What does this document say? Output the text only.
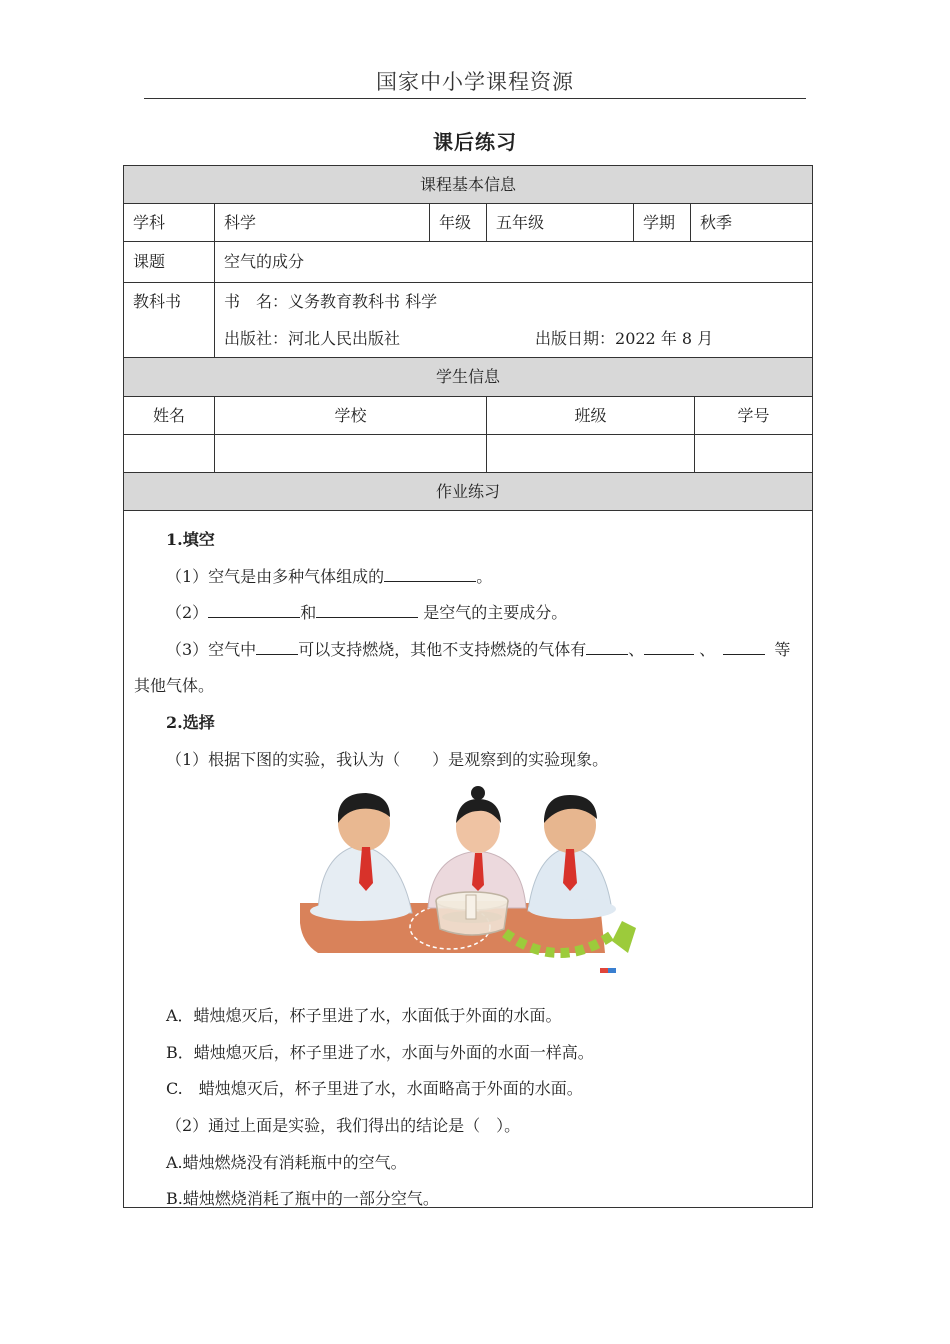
国家中小学课程资源
课后练习
课程基本信息
学科	科学	年级	五年级	学期	秋季
课题	空气的成分
教科书	书　名：义务教育教科书 科学
出版社：河北人民出版社	出版日期：2022 年 8 月
学生信息
姓名	学校	班级	学号
作业练习
1.填空
（1）空气是由多种气体组成的	。
（2）	和	是空气的主要成分。
（3）空气中	可以支持燃烧，其他不支持燃烧的气体有	、	、	等
其他气体。
2.选择
（1）根据下图的实验，我认为（　　）是观察到的实验现象。
A．蜡烛熄灭后，杯子里进了水，水面低于外面的水面。
B．蜡烛熄灭后，杯子里进了水，水面与外面的水面一样高。
C.　蜡烛熄灭后，杯子里进了水，水面略高于外面的水面。
（2）通过上面是实验，我们得出的结论是（　）。
A.蜡烛燃烧没有消耗瓶中的空气。
B.蜡烛燃烧消耗了瓶中的一部分空气。
